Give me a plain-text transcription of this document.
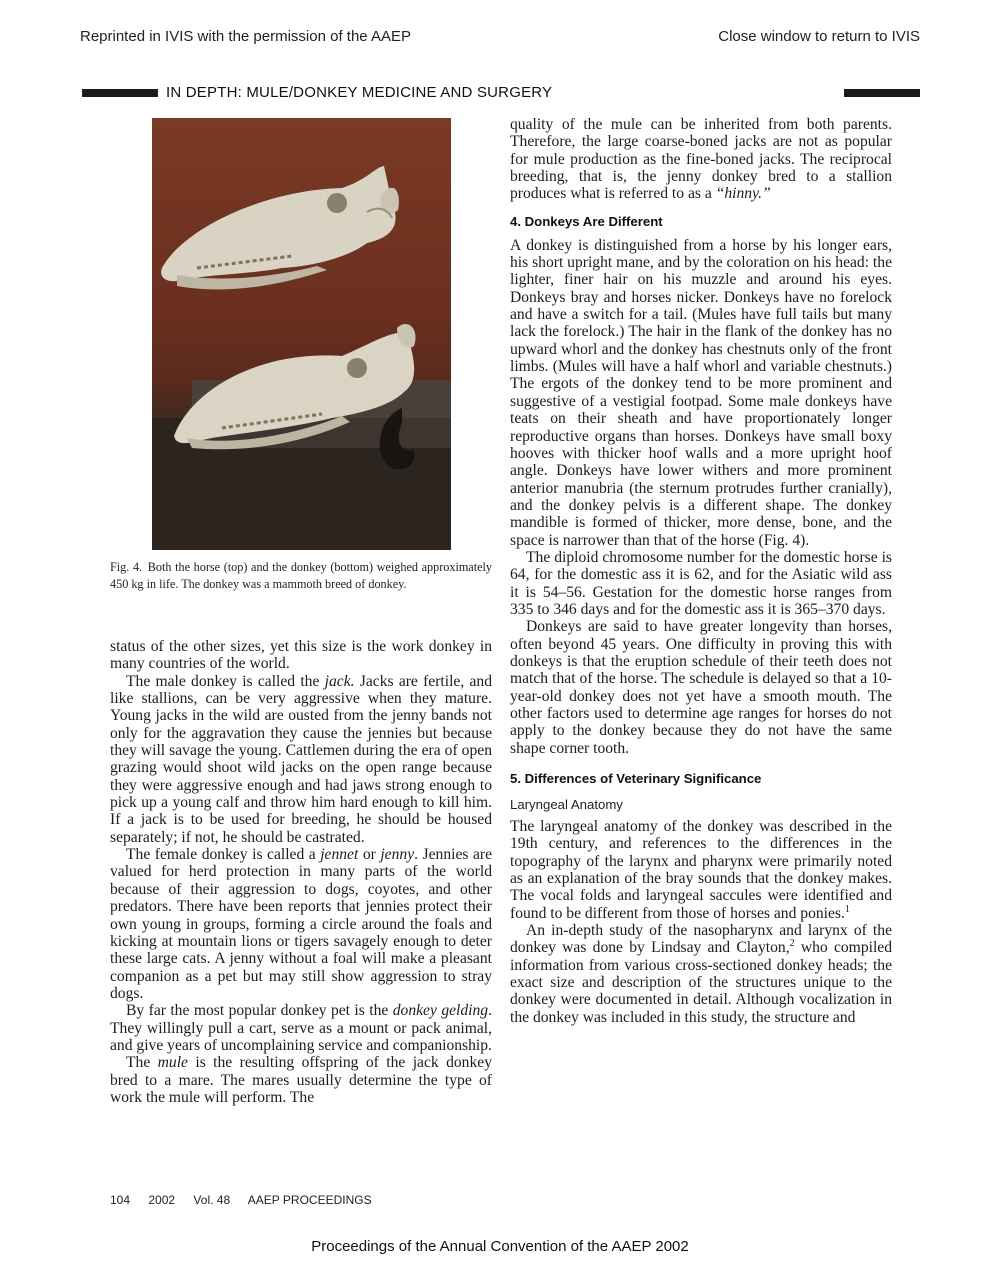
Reprinted in IVIS with the permission of the AAEP	Close window to return to IVIS
IN DEPTH: MULE/DONKEY MEDICINE AND SURGERY
Fig. 4. Both the horse (top) and the donkey (bottom) weighed approximately 450 kg in life. The donkey was a mammoth breed of donkey.

status of the other sizes, yet this size is the work donkey in many countries of the world.

The male donkey is called the jack. Jacks are fertile, and like stallions, can be very aggressive when they mature. Young jacks in the wild are ousted from the jenny bands not only for the aggravation they cause the jennies but because they will savage the young. Cattlemen during the era of open grazing would shoot wild jacks on the open range because they were aggressive enough and had jaws strong enough to pick up a young calf and throw him hard enough to kill him. If a jack is to be used for breeding, he should be housed separately; if not, he should be castrated.

The female donkey is called a jennet or jenny. Jennies are valued for herd protection in many parts of the world because of their aggression to dogs, coyotes, and other predators. There have been reports that jennies protect their own young in groups, forming a circle around the foals and kicking at mountain lions or tigers savagely enough to deter these large cats. A jenny without a foal will make a pleasant companion as a pet but may still show aggression to stray dogs.

By far the most popular donkey pet is the donkey gelding. They willingly pull a cart, serve as a mount or pack animal, and give years of uncomplaining service and companionship.

The mule is the resulting offspring of the jack donkey bred to a mare. The mares usually determine the type of work the mule will perform. The

quality of the mule can be inherited from both parents. Therefore, the large coarse-boned jacks are not as popular for mule production as the fine-boned jacks. The reciprocal breeding, that is, the jenny donkey bred to a stallion produces what is referred to as a “hinny.”

4. Donkeys Are Different

A donkey is distinguished from a horse by his longer ears, his short upright mane, and by the coloration on his head: the lighter, finer hair on his muzzle and around his eyes. Donkeys bray and horses nicker. Donkeys have no forelock and have a switch for a tail. (Mules have full tails but many lack the forelock.) The hair in the flank of the donkey has no upward whorl and the donkey has chestnuts only of the front limbs. (Mules will have a half whorl and variable chestnuts.) The ergots of the donkey tend to be more prominent and suggestive of a vestigial footpad. Some male donkeys have teats on their sheath and have proportionately longer reproductive organs than horses. Donkeys have small boxy hooves with thicker hoof walls and a more upright hoof angle. Donkeys have lower withers and more prominent anterior manubria (the sternum protrudes further cranially), and the donkey pelvis is a different shape. The donkey mandible is formed of thicker, more dense, bone, and the space is narrower than that of the horse (Fig. 4).

The diploid chromosome number for the domestic horse is 64, for the domestic ass it is 62, and for the Asiatic wild ass it is 54–56. Gestation for the domestic horse ranges from 335 to 346 days and for the domestic ass it is 365–370 days.

Donkeys are said to have greater longevity than horses, often beyond 45 years. One difficulty in proving this with donkeys is that the eruption schedule of their teeth does not match that of the horse. The schedule is delayed so that a 10-year-old donkey does not yet have a smooth mouth. The other factors used to determine age ranges for horses do not apply to the donkey because they do not have the same shape corner tooth.

5. Differences of Veterinary Significance
Laryngeal Anatomy

The laryngeal anatomy of the donkey was described in the 19th century, and references to the differences in the topography of the larynx and pharynx were primarily noted as an explanation of the bray sounds that the donkey makes. The vocal folds and laryngeal saccules were identified and found to be different from those of horses and ponies.$^1$

An in-depth study of the nasopharynx and larynx of the donkey was done by Lindsay and Clayton,$^2$ who compiled information from various cross-sectioned donkey heads; the exact size and description of the structures unique to the donkey were documented in detail. Although vocalization in the donkey was included in this study, the structure and

104 2002 Vol. 48 AAEP PROCEEDINGS
Proceedings of the Annual Convention of the AAEP 2002
